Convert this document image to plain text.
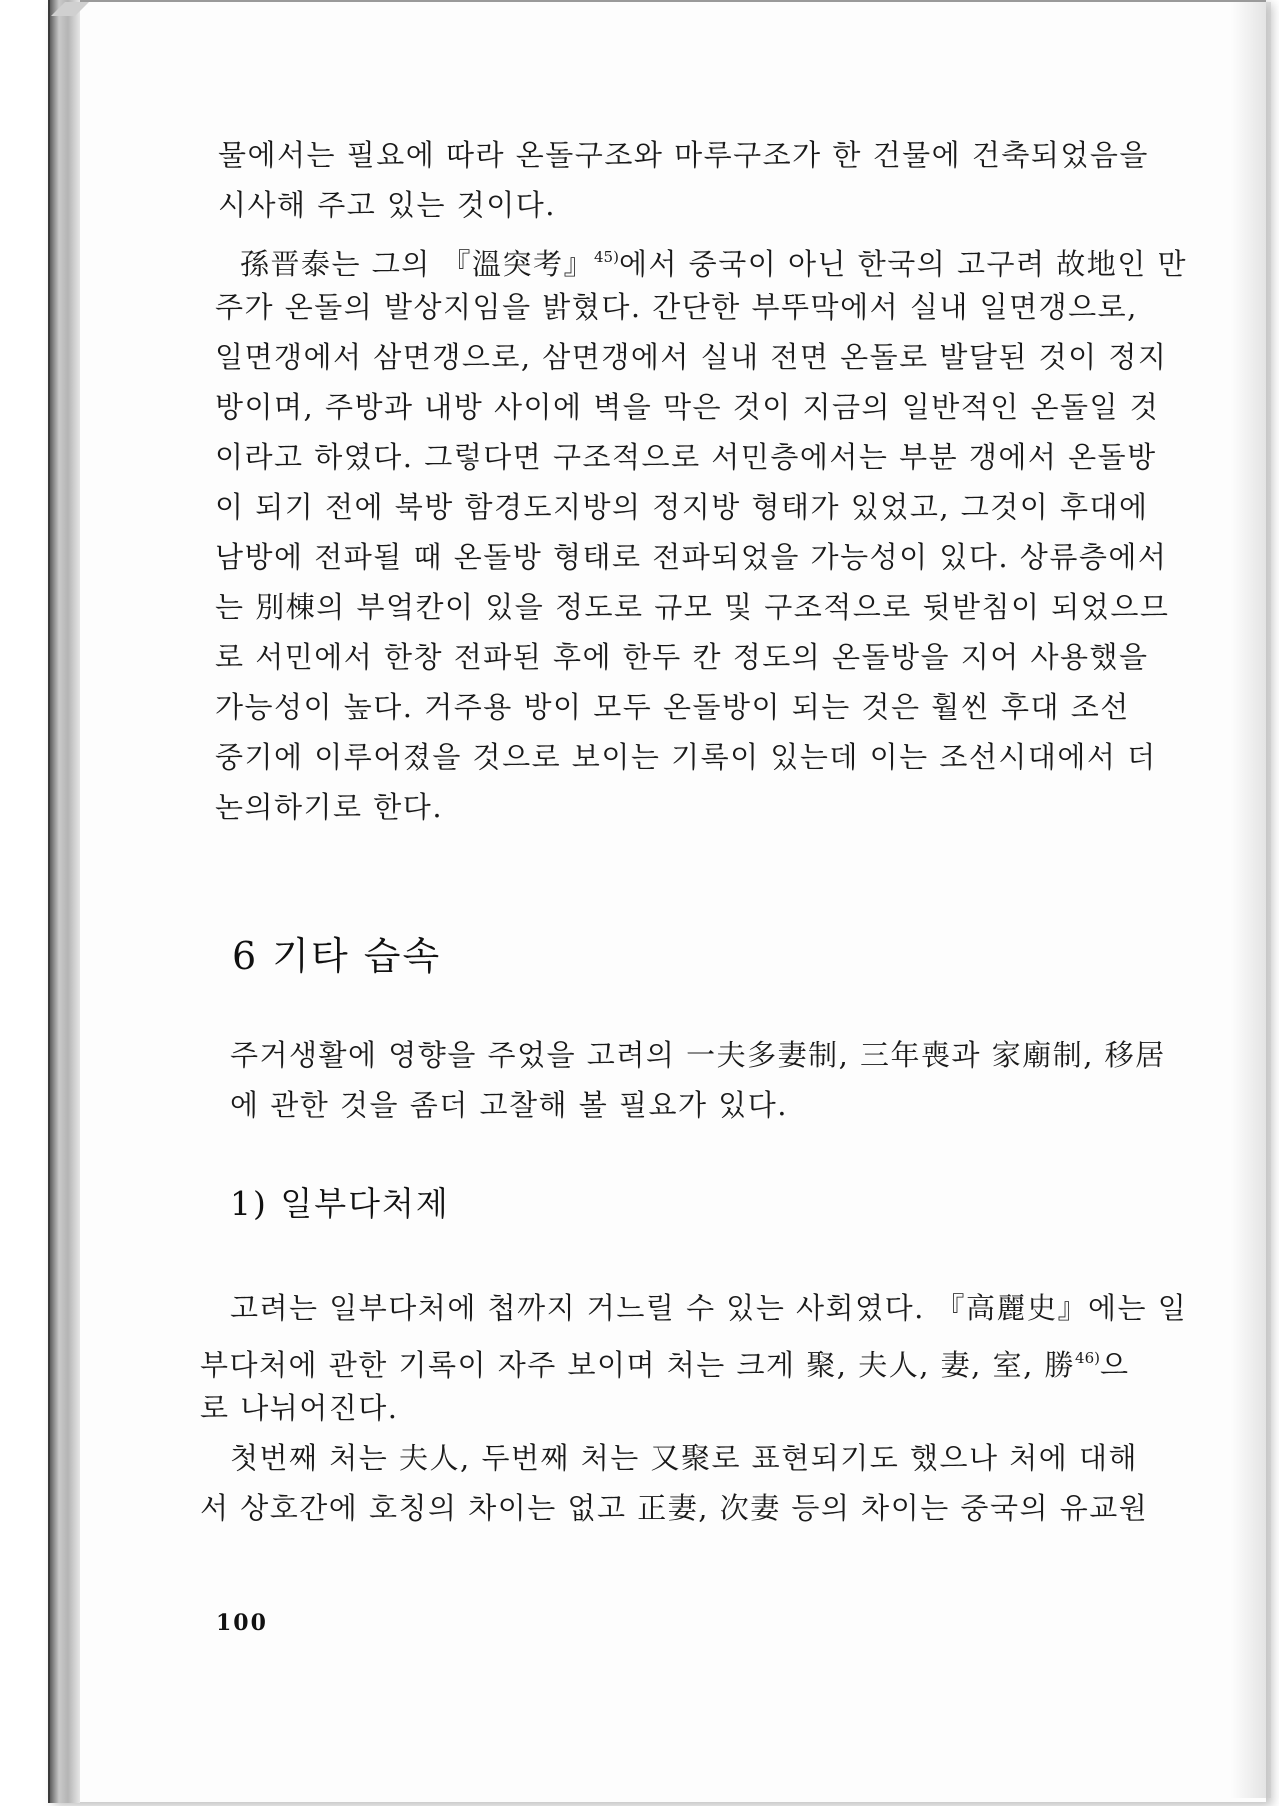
물에서는 필요에 따라 온돌구조와 마루구조가 한 건물에 건축되었음을
시사해 주고 있는 것이다.
孫晋泰는 그의 『溫突考』$^{45)}$에서 중국이 아닌 한국의 고구려 故地인 만
주가 온돌의 발상지임을 밝혔다. 간단한 부뚜막에서 실내 일면갱으로,
일면갱에서 삼면갱으로, 삼면갱에서 실내 전면 온돌로 발달된 것이 정지
방이며, 주방과 내방 사이에 벽을 막은 것이 지금의 일반적인 온돌일 것
이라고 하였다. 그렇다면 구조적으로 서민층에서는 부분 갱에서 온돌방
이 되기 전에 북방 함경도지방의 정지방 형태가 있었고, 그것이 후대에
남방에 전파될 때 온돌방 형태로 전파되었을 가능성이 있다. 상류층에서
는 別棟의 부엌칸이 있을 정도로 규모 및 구조적으로 뒷받침이 되었으므
로 서민에서 한창 전파된 후에 한두 칸 정도의 온돌방을 지어 사용했을
가능성이 높다. 거주용 방이 모두 온돌방이 되는 것은 훨씬 후대 조선
중기에 이루어졌을 것으로 보이는 기록이 있는데 이는 조선시대에서 더
논의하기로 한다.
6 기타 습속
주거생활에 영향을 주었을 고려의 一夫多妻制, 三年喪과 家廟制, 移居
에 관한 것을 좀더 고찰해 볼 필요가 있다.
1) 일부다처제
고려는 일부다처에 첩까지 거느릴 수 있는 사회였다. 『高麗史』에는 일
부다처에 관한 기록이 자주 보이며 처는 크게 聚, 夫人, 妻, 室, 勝$^{46)}$으
로 나뉘어진다.
첫번째 처는 夫人, 두번째 처는 又聚로 표현되기도 했으나 처에 대해
서 상호간에 호칭의 차이는 없고 正妻, 次妻 등의 차이는 중국의 유교원
100
